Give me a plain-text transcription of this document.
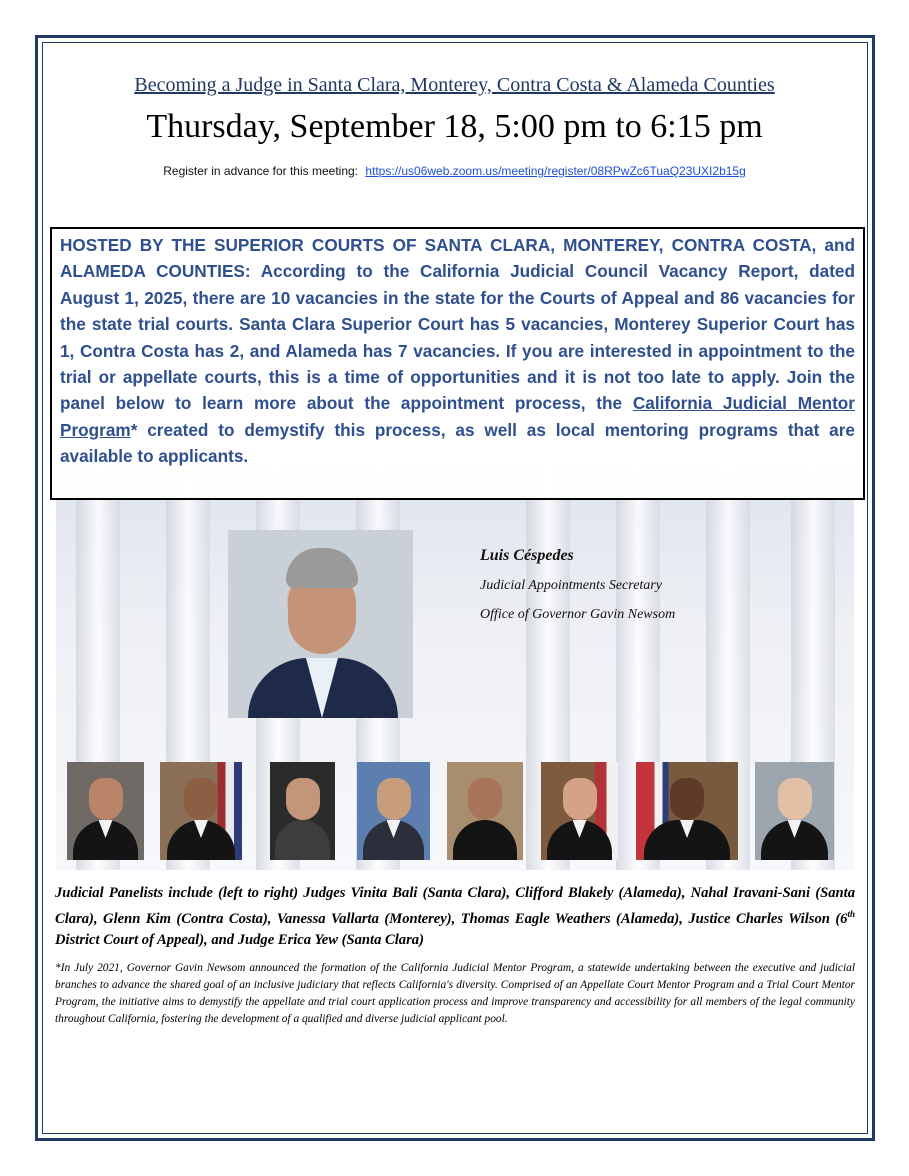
Becoming a Judge in Santa Clara, Monterey, Contra Costa & Alameda Counties
Thursday, September 18, 5:00 pm to 6:15 pm
Register in advance for this meeting: https://us06web.zoom.us/meeting/register/08RPwZc6TuaQ23UXI2b15g
HOSTED BY THE SUPERIOR COURTS OF SANTA CLARA, MONTEREY, CONTRA COSTA, and ALAMEDA COUNTIES: According to the California Judicial Council Vacancy Report, dated August 1, 2025, there are 10 vacancies in the state for the Courts of Appeal and 86 vacancies for the state trial courts. Santa Clara Superior Court has 5 vacancies, Monterey Superior Court has 1, Contra Costa has 2, and Alameda has 7 vacancies. If you are interested in appointment to the trial or appellate courts, this is a time of opportunities and it is not too late to apply. Join the panel below to learn more about the appointment process, the California Judicial Mentor Program* created to demystify this process, as well as local mentoring programs that are available to applicants.
Luis Céspedes
Judicial Appointments Secretary
Office of Governor Gavin Newsom
Judicial Panelists include (left to right) Judges Vinita Bali (Santa Clara), Clifford Blakely (Alameda), Nahal Iravani-Sani (Santa Clara), Glenn Kim (Contra Costa), Vanessa Vallarta (Monterey), Thomas Eagle Weathers (Alameda), Justice Charles Wilson (6th District Court of Appeal), and Judge Erica Yew (Santa Clara)
*In July 2021, Governor Gavin Newsom announced the formation of the California Judicial Mentor Program, a statewide undertaking between the executive and judicial branches to advance the shared goal of an inclusive judiciary that reflects California's diversity. Comprised of an Appellate Court Mentor Program and a Trial Court Mentor Program, the initiative aims to demystify the appellate and trial court application process and improve transparency and accessibility for all members of the legal community throughout California, fostering the development of a qualified and diverse judicial applicant pool.
